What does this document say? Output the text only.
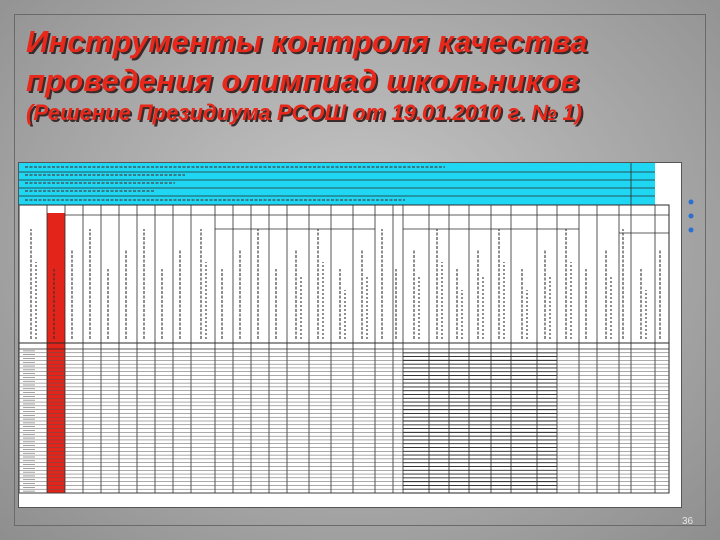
Инструменты контроля качества
проведения олимпиад школьников
(Решение Президиума РСОШ от 19.01.2010 г. № 1)
36
